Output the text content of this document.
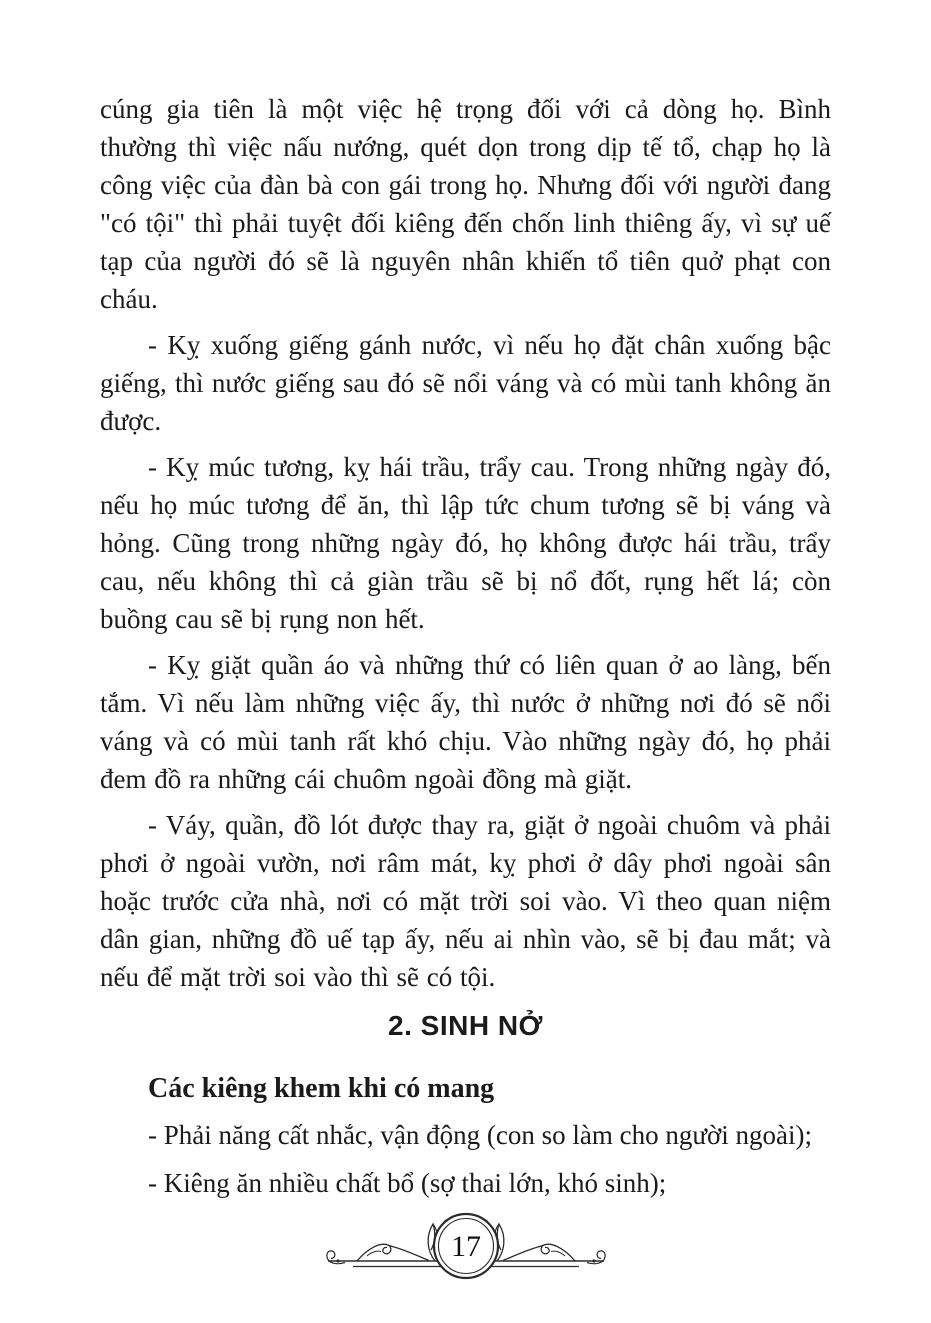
cúng gia tiên là một việc hệ trọng đối với cả dòng họ. Bình thường thì việc nấu nướng, quét dọn trong dịp tế tổ, chạp họ là công việc của đàn bà con gái trong họ. Nhưng đối với người đang "có tội" thì phải tuyệt đối kiêng đến chốn linh thiêng ấy, vì sự uế tạp của người đó sẽ là nguyên nhân khiến tổ tiên quở phạt con cháu.

- Kỵ xuống giếng gánh nước, vì nếu họ đặt chân xuống bậc giếng, thì nước giếng sau đó sẽ nổi váng và có mùi tanh không ăn được.

- Kỵ múc tương, kỵ hái trầu, trẩy cau. Trong những ngày đó, nếu họ múc tương để ăn, thì lập tức chum tương sẽ bị váng và hỏng. Cũng trong những ngày đó, họ không được hái trầu, trẩy cau, nếu không thì cả giàn trầu sẽ bị nổ đốt, rụng hết lá; còn buồng cau sẽ bị rụng non hết.

- Kỵ giặt quần áo và những thứ có liên quan ở ao làng, bến tắm. Vì nếu làm những việc ấy, thì nước ở những nơi đó sẽ nổi váng và có mùi tanh rất khó chịu. Vào những ngày đó, họ phải đem đồ ra những cái chuôm ngoài đồng mà giặt.

- Váy, quần, đồ lót được thay ra, giặt ở ngoài chuôm và phải phơi ở ngoài vườn, nơi râm mát, kỵ phơi ở dây phơi ngoài sân hoặc trước cửa nhà, nơi có mặt trời soi vào. Vì theo quan niệm dân gian, những đồ uế tạp ấy, nếu ai nhìn vào, sẽ bị đau mắt; và nếu để mặt trời soi vào thì sẽ có tội.

2. SINH NỞ
Các kiêng khem khi có mang

- Phải năng cất nhắc, vận động (con so làm cho người ngoài);

- Kiêng ăn nhiều chất bổ (sợ thai lớn, khó sinh);

17
